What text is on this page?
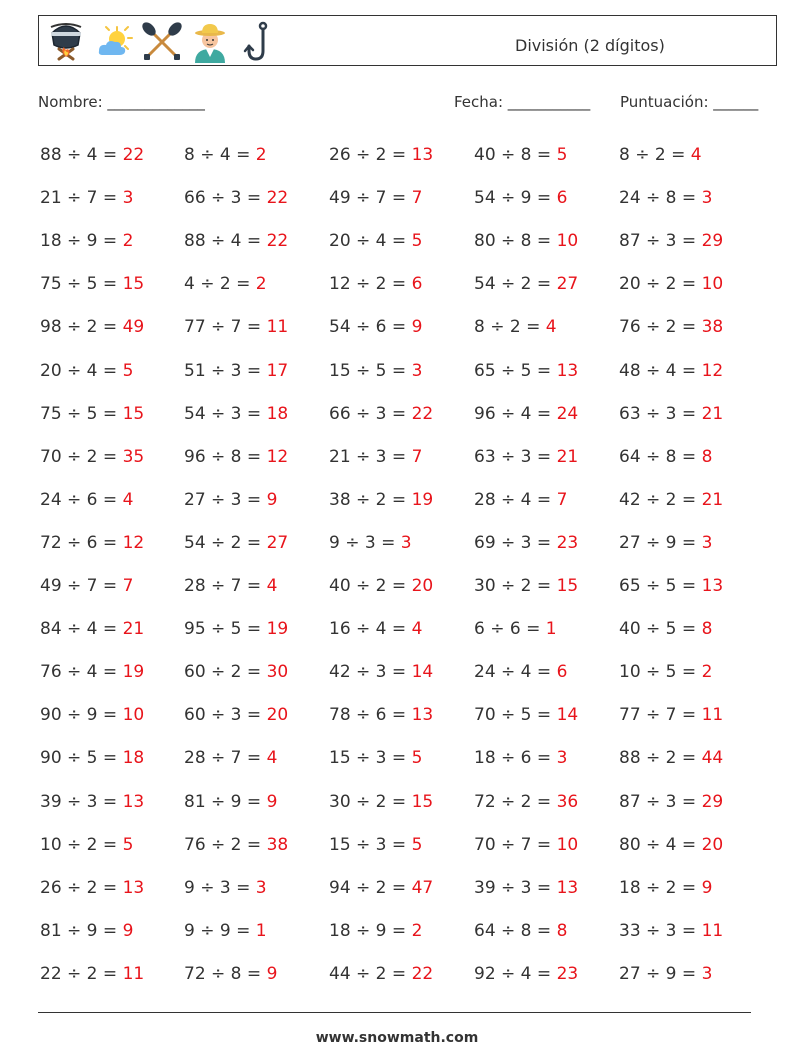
División (2 dígitos)
Nombre: _____________	Fecha: ___________ Puntuación: ______
88 ÷ 4 = 22 8 ÷ 4 = 2	26 ÷ 2 = 13 40 ÷ 8 = 5	8 ÷ 2 = 4
21 ÷ 7 = 3	66 ÷ 3 = 22 49 ÷ 7 = 7	54 ÷ 9 = 6	24 ÷ 8 = 3
18 ÷ 9 = 2	88 ÷ 4 = 22 20 ÷ 4 = 5	80 ÷ 8 = 10 87 ÷ 3 = 29
75 ÷ 5 = 15 4 ÷ 2 = 2	12 ÷ 2 = 6	54 ÷ 2 = 27 20 ÷ 2 = 10
98 ÷ 2 = 49 77 ÷ 7 = 11 54 ÷ 6 = 9	8 ÷ 2 = 4	76 ÷ 2 = 38
20 ÷ 4 = 5	51 ÷ 3 = 17 15 ÷ 5 = 3	65 ÷ 5 = 13 48 ÷ 4 = 12
75 ÷ 5 = 15 54 ÷ 3 = 18 66 ÷ 3 = 22 96 ÷ 4 = 24 63 ÷ 3 = 21
70 ÷ 2 = 35 96 ÷ 8 = 12 21 ÷ 3 = 7	63 ÷ 3 = 21 64 ÷ 8 = 8
24 ÷ 6 = 4	27 ÷ 3 = 9	38 ÷ 2 = 19 28 ÷ 4 = 7	42 ÷ 2 = 21
72 ÷ 6 = 12 54 ÷ 2 = 27 9 ÷ 3 = 3	69 ÷ 3 = 23 27 ÷ 9 = 3
49 ÷ 7 = 7	28 ÷ 7 = 4	40 ÷ 2 = 20 30 ÷ 2 = 15 65 ÷ 5 = 13
84 ÷ 4 = 21 95 ÷ 5 = 19 16 ÷ 4 = 4	6 ÷ 6 = 1	40 ÷ 5 = 8
76 ÷ 4 = 19 60 ÷ 2 = 30 42 ÷ 3 = 14 24 ÷ 4 = 6	10 ÷ 5 = 2
90 ÷ 9 = 10 60 ÷ 3 = 20 78 ÷ 6 = 13 70 ÷ 5 = 14 77 ÷ 7 = 11
90 ÷ 5 = 18 28 ÷ 7 = 4	15 ÷ 3 = 5	18 ÷ 6 = 3	88 ÷ 2 = 44
39 ÷ 3 = 13 81 ÷ 9 = 9	30 ÷ 2 = 15 72 ÷ 2 = 36 87 ÷ 3 = 29
10 ÷ 2 = 5	76 ÷ 2 = 38 15 ÷ 3 = 5	70 ÷ 7 = 10 80 ÷ 4 = 20
26 ÷ 2 = 13 9 ÷ 3 = 3	94 ÷ 2 = 47 39 ÷ 3 = 13 18 ÷ 2 = 9
81 ÷ 9 = 9	9 ÷ 9 = 1	18 ÷ 9 = 2	64 ÷ 8 = 8	33 ÷ 3 = 11
22 ÷ 2 = 11 72 ÷ 8 = 9	44 ÷ 2 = 22 92 ÷ 4 = 23 27 ÷ 9 = 3
www.snowmath.com
